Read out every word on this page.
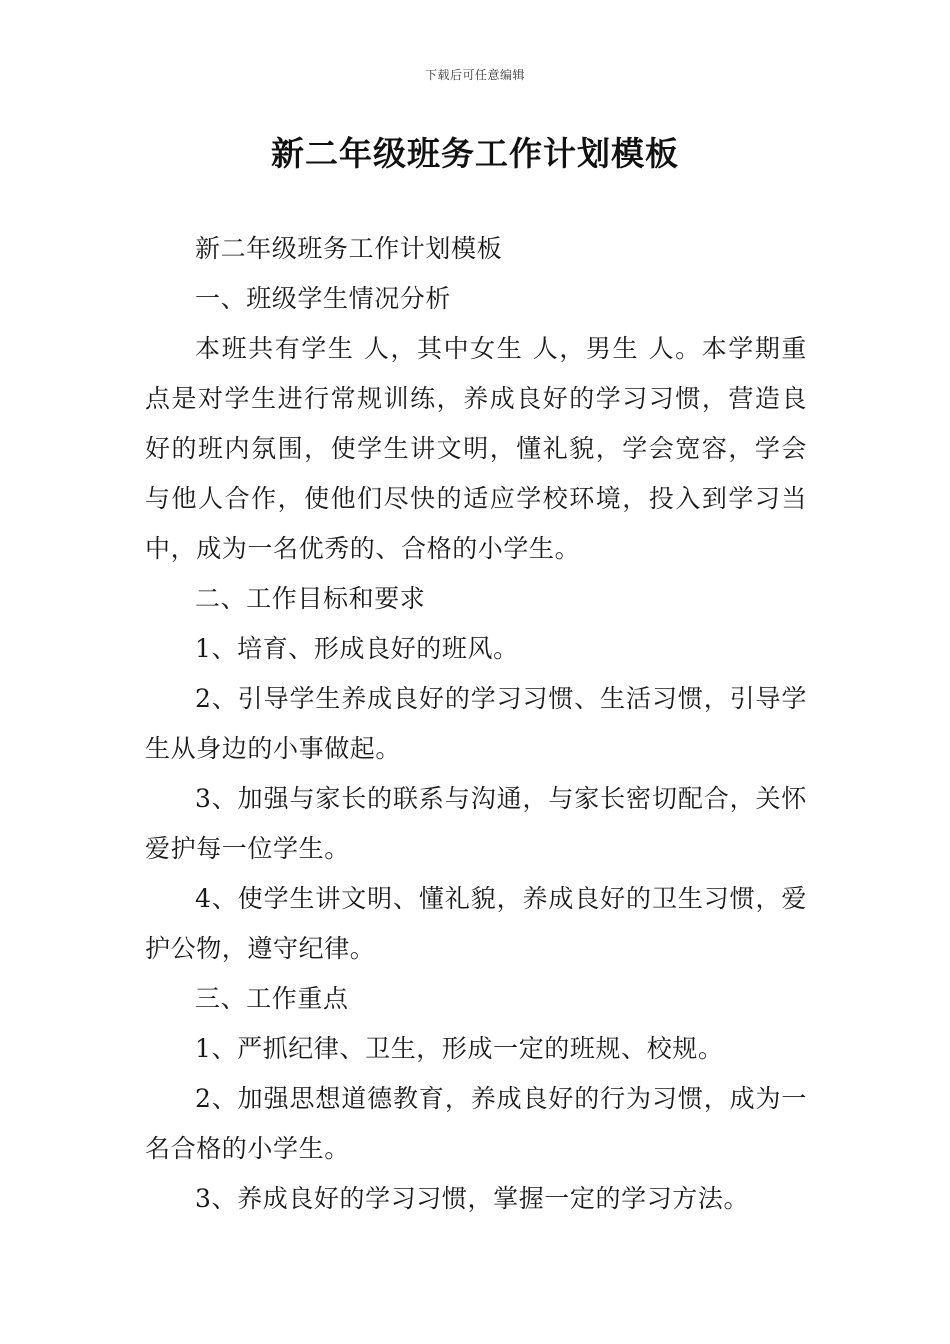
下载后可任意编辑
新二年级班务工作计划模板

新二年级班务工作计划模板

一、班级学生情况分析

本班共有学生 人，其中女生 人，男生 人。本学期重点是对学生进行常规训练，养成良好的学习习惯，营造良好的班内氛围，使学生讲文明，懂礼貌，学会宽容，学会与他人合作，使他们尽快的适应学校环境，投入到学习当中，成为一名优秀的、合格的小学生。

二、工作目标和要求

1、培育、形成良好的班风。

2、引导学生养成良好的学习习惯、生活习惯，引导学生从身边的小事做起。

3、加强与家长的联系与沟通，与家长密切配合，关怀爱护每一位学生。

4、使学生讲文明、懂礼貌，养成良好的卫生习惯，爱护公物，遵守纪律。

三、工作重点

1、严抓纪律、卫生，形成一定的班规、校规。

2、加强思想道德教育，养成良好的行为习惯，成为一名合格的小学生。

3、养成良好的学习习惯，掌握一定的学习方法。
